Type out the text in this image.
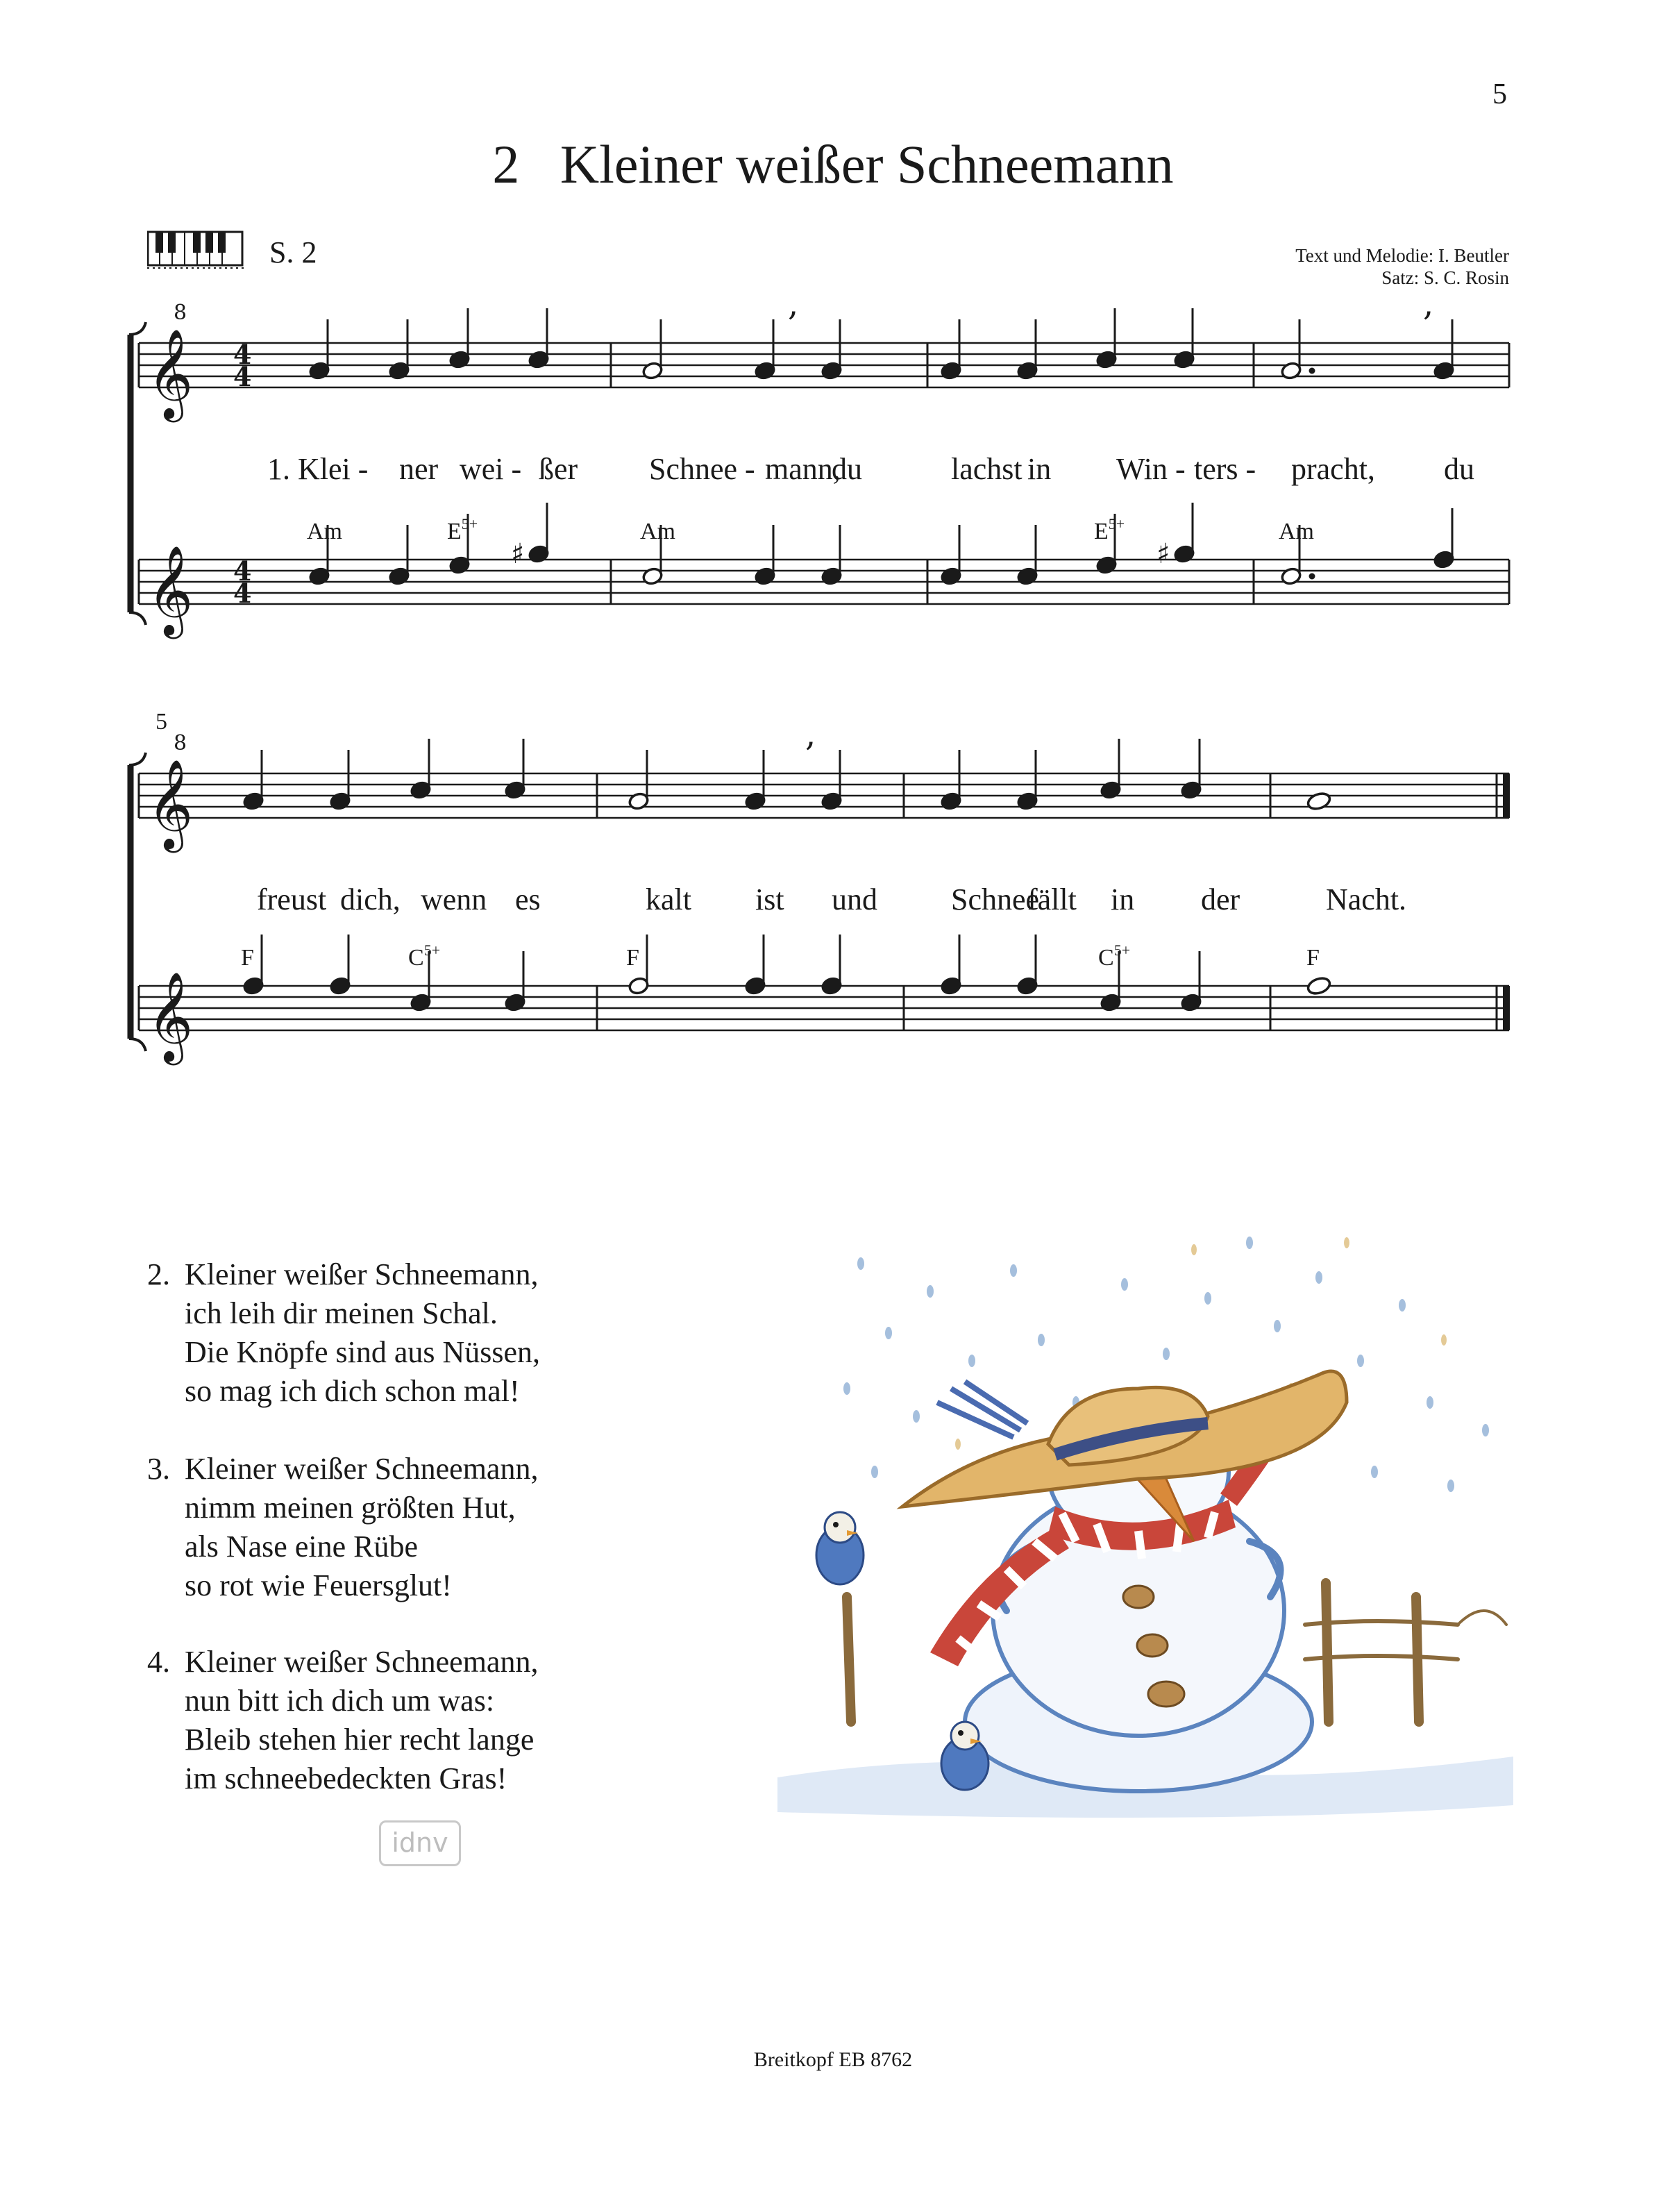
5
2 Kleiner weißer Schneemann
S. 2	Text und Melodie: I. Beutler
Satz: S. C. Rosin
𝄞
𝄞
8
4
4
4
4
♯	♯
,	,
1. Klei - ner wei - ßer Schnee - mann,
du	lachst in Win - ters - pracht, du
Am	$E^{5+}$	Am	$E^{5+}$	Am
𝄞
𝄞
8
5	,
freust dich, wenn es	kalt ist und Schnee
fällt in der	Nacht.
F	$C^{5+}$	F	$C^{5+}$	F
2. Kleiner weißer Schneemann,
ich leih dir meinen Schal.
Die Knöpfe sind aus Nüssen,
so mag ich dich schon mal!
3. Kleiner weißer Schneemann,
nimm meinen größten Hut,
als Nase eine Rübe
so rot wie Feuersglut!
4. Kleiner weißer Schneemann,
nun bitt ich dich um was:
Bleib stehen hier recht lange
im schneebedeckten Gras!
idnv
Breitkopf EB 8762
